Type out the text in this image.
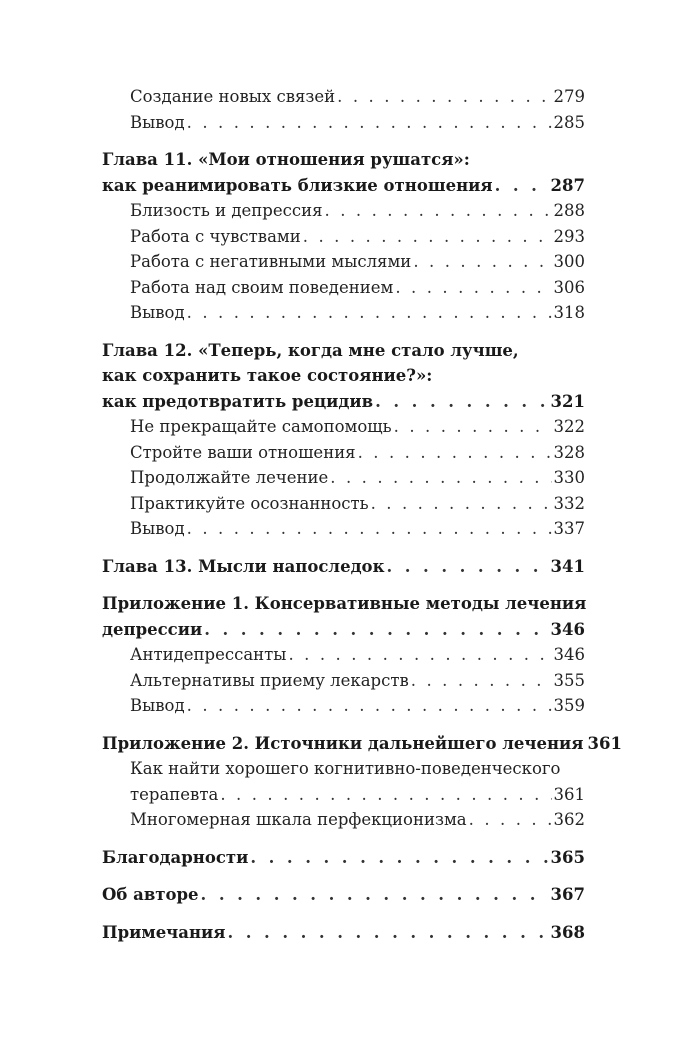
Создание новых связей . . .	279
Вывод . . .	285
Глава 11. «Мои отношения рушатся»:
как реанимировать близкие отношения . . .	287
Близость и депрессия . . .	288
Работа с чувствами . . .	293
Работа с негативными мыслями . . .	300
Работа над своим поведением . . .	306
Вывод . . .	318
Глава 12. «Теперь, когда мне стало лучше,
как сохранить такое состояние?»:
как предотвратить рецидив . . .	321
Не прекращайте самопомощь . . .	322
Стройте ваши отношения . . .	328
Продолжайте лечение . . .	330
Практикуйте осознанность . . .	332
Вывод . . .	337
Глава 13. Мысли напоследок . . .	341
Приложение 1. Консервативные методы лечения
депрессии . . .	346
Антидепрессанты . . .	346
Альтернативы приему лекарств . . .	355
Вывод . . .	359
Приложение 2. Источники дальнейшего лечения 361
Как найти хорошего когнитивно-поведенческого
терапевта . . .	361
Многомерная шкала перфекционизма . . .	362
Благодарности . . .	365
Об авторе . . .	367
Примечания . . .	368
